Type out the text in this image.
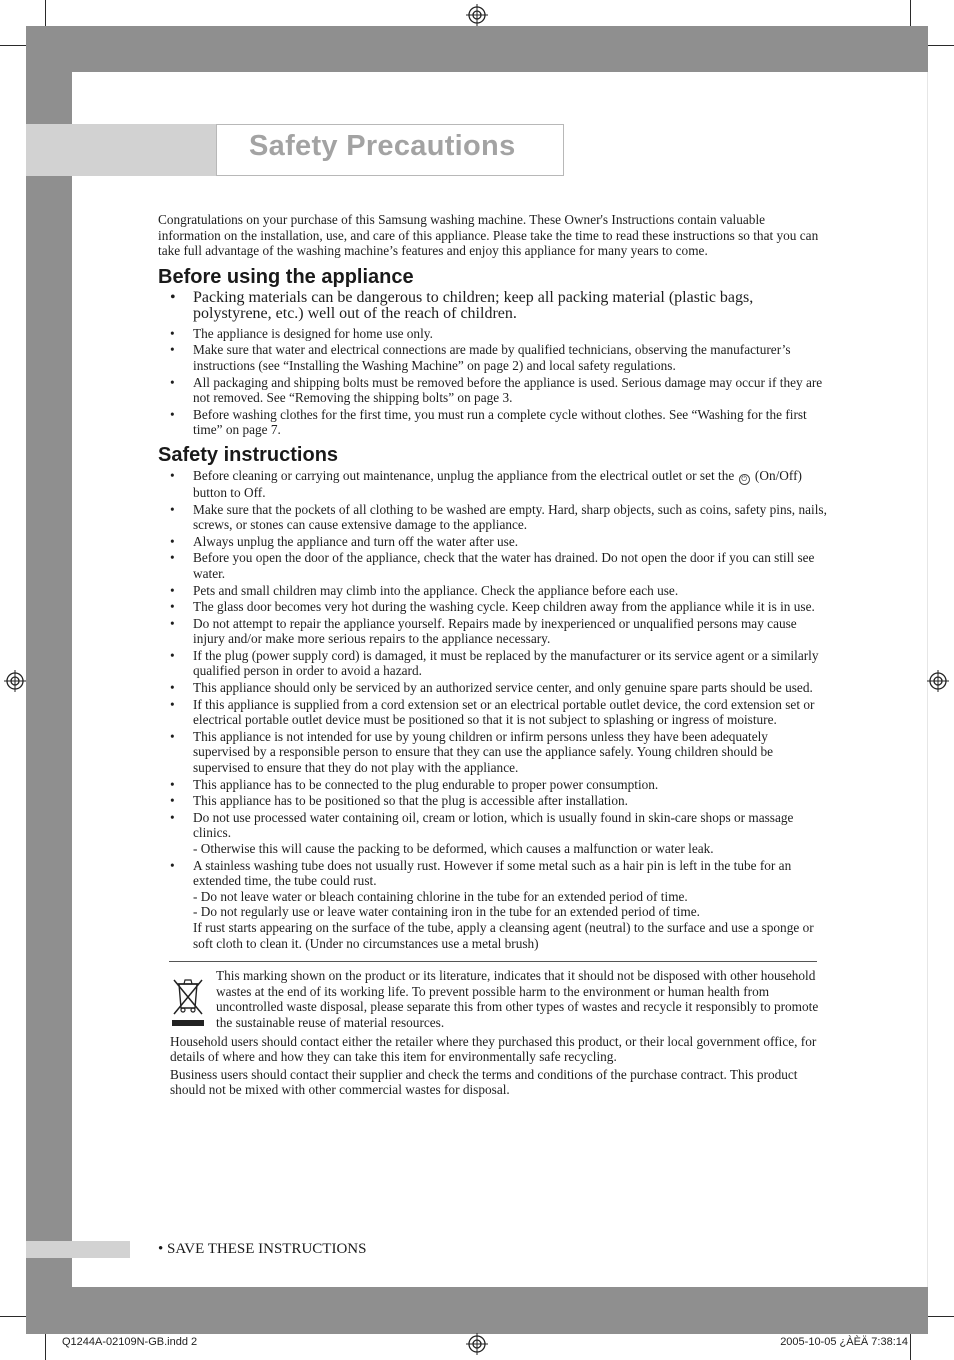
Safety Precautions

Congratulations on your purchase of this Samsung washing machine. These Owner's Instructions contain valuable information on the installation, use, and care of this appliance. Please take the time to read these instructions so that you can take full advantage of the washing machine’s features and enjoy this appliance for many years to come.

Before using the appliance
• Packing materials can be dangerous to children; keep all packing material (plastic bags, polystyrene, etc.) well out of the reach of children.
• The appliance is designed for home use only.
• Make sure that water and electrical connections are made by qualified technicians, observing the manufacturer’s instructions (see “Installing the Washing Machine” on page 2) and local safety regulations.
• All packaging and shipping bolts must be removed before the appliance is used. Serious damage may occur if they are not removed. See “Removing the shipping bolts” on page 3.
• Before washing clothes for the first time, you must run a complete cycle without clothes. See “Washing for the first time” on page 7.
Safety instructions
• Before cleaning or carrying out maintenance, unplug the appliance from the electrical outlet or set the ⏻ (On/Off) button to Off.
• Make sure that the pockets of all clothing to be washed are empty. Hard, sharp objects, such as coins, safety pins, nails, screws, or stones can cause extensive damage to the appliance.
• Always unplug the appliance and turn off the water after use.
• Before you open the door of the appliance, check that the water has drained. Do not open the door if you can still see water.
• Pets and small children may climb into the appliance. Check the appliance before each use.
• The glass door becomes very hot during the washing cycle. Keep children away from the appliance while it is in use.
• Do not attempt to repair the appliance yourself. Repairs made by inexperienced or unqualified persons may cause injury and/or make more serious repairs to the appliance necessary.
• If the plug (power supply cord) is damaged, it must be replaced by the manufacturer or its service agent or a similarly qualified person in order to avoid a hazard.
• This appliance should only be serviced by an authorized service center, and only genuine spare parts should be used.
• If this appliance is supplied from a cord extension set or an electrical portable outlet device, the cord extension set or electrical portable outlet device must be positioned so that it is not subject to splashing or ingress of moisture.
• This appliance is not intended for use by young children or infirm persons unless they have been adequately supervised by a responsible person to ensure that they can use the appliance safely. Young children should be supervised to ensure that they do not play with the appliance.
• This appliance has to be connected to the plug endurable to proper power consumption.
• This appliance has to be positioned so that the plug is accessible after installation.
• Do not use processed water containing oil, cream or lotion, which is usually found in skin-care shops or massage clinics.
- Otherwise this will cause the packing to be deformed, which causes a malfunction or water leak.
• A stainless washing tube does not usually rust. However if some metal such as a hair pin is left in the tube for an extended time, the tube could rust.
- Do not leave water or bleach containing chlorine in the tube for an extended period of time.
- Do not regularly use or leave water containing iron in the tube for an extended period of time.
If rust starts appearing on the surface of the tube, apply a cleansing agent (neutral) to the surface and use a sponge or soft cloth to clean it. (Under no circumstances use a metal brush)

This marking shown on the product or its literature, indicates that it should not be disposed with other household wastes at the end of its working life. To prevent possible harm to the environment or human health from uncontrolled waste disposal, please separate this from other types of wastes and recycle it responsibly to promote the sustainable reuse of material resources.

Household users should contact either the retailer where they purchased this product, or their local government office, for details of where and how they can take this item for environmentally safe recycling.

Business users should contact their supplier and check the terms and conditions of the purchase contract. This product should not be mixed with other commercial wastes for disposal.

• SAVE THESE INSTRUCTIONS
Q1244A-02109N-GB.indd 2	2005-10-05 ¿ÀÈÄ 7:38:14
